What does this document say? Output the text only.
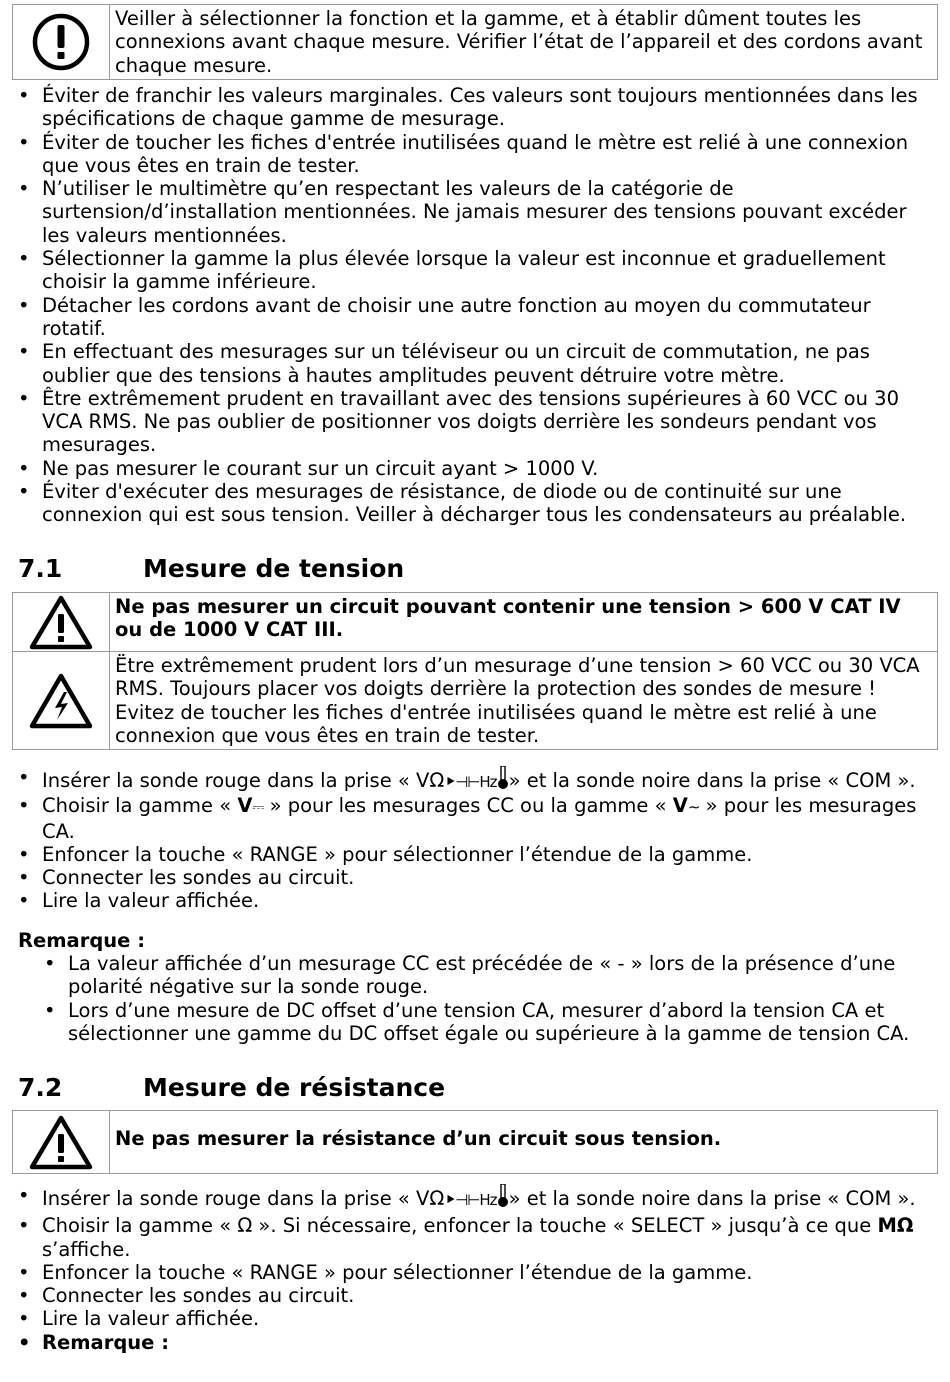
	Veiller à sélectionner la fonction et la gamme, et à établir dûment toutes les connexions avant chaque mesure. Vérifier l’état de l’appareil et des cordons avant chaque mesure.
• Éviter de franchir les valeurs marginales. Ces valeurs sont toujours mentionnées dans les spécifications de chaque gamme de mesurage.
• Éviter de toucher les fiches d'entrée inutilisées quand le mètre est relié à une connexion que vous êtes en train de tester.
• N’utiliser le multimètre qu’en respectant les valeurs de la catégorie de surtension/d’installation mentionnées. Ne jamais mesurer des tensions pouvant excéder les valeurs mentionnées.
• Sélectionner la gamme la plus élevée lorsque la valeur est inconnue et graduellement choisir la gamme inférieure.
• Détacher les cordons avant de choisir une autre fonction au moyen du commutateur rotatif.
• En effectuant des mesurages sur un téléviseur ou un circuit de commutation, ne pas oublier que des tensions à hautes amplitudes peuvent détruire votre mètre.
• Être extrêmement prudent en travaillant avec des tensions supérieures à 60 VCC ou 30 VCA RMS. Ne pas oublier de positionner vos doigts derrière les sondeurs pendant vos mesurages.
• Ne pas mesurer le courant sur un circuit ayant > 1000 V.
• Éviter d'exécuter des mesurages de résistance, de diode ou de continuité sur une connexion qui est sous tension. Veiller à décharger tous les condensateurs au préalable.
7.1	Mesure de tension
	Ne pas mesurer un circuit pouvant contenir une tension > 600 V CAT IV ou de 1000 V CAT III.

	Ëtre extrêmement prudent lors d’un mesurage d’une tension > 60 VCC ou 30 VCA RMS. Toujours placer vos doigts derrière la protection des sondes de mesure ! Evitez de toucher les fiches d'entrée inutilisées quand le mètre est relié à une connexion que vous êtes en train de tester.
• Insérer la sonde rouge dans la prise « VΩ⯈⊣⊢Hz » et la sonde noire dans la prise « COM ».
• Choisir la gamme « V⎓ » pour les mesurages CC ou la gamme « V∼ » pour les mesurages CA.
• Enfoncer la touche « RANGE » pour sélectionner l’étendue de la gamme.
• Connecter les sondes au circuit.
• Lire la valeur affichée.
Remarque :
• La valeur affichée d’un mesurage CC est précédée de « - » lors de la présence d’une polarité négative sur la sonde rouge.
• Lors d’une mesure de DC offset d’une tension CA, mesurer d’abord la tension CA et sélectionner une gamme du DC offset égale ou supérieure à la gamme de tension CA.
7.2	Mesure de résistance
	Ne pas mesurer la résistance d’un circuit sous tension.
• Insérer la sonde rouge dans la prise « VΩ⯈⊣⊢Hz » et la sonde noire dans la prise « COM ».
• Choisir la gamme « Ω ». Si nécessaire, enfoncer la touche « SELECT » jusqu’à ce que MΩ s’affiche.
• Enfoncer la touche « RANGE » pour sélectionner l’étendue de la gamme.
• Connecter les sondes au circuit.
• Lire la valeur affichée.
• Remarque :
